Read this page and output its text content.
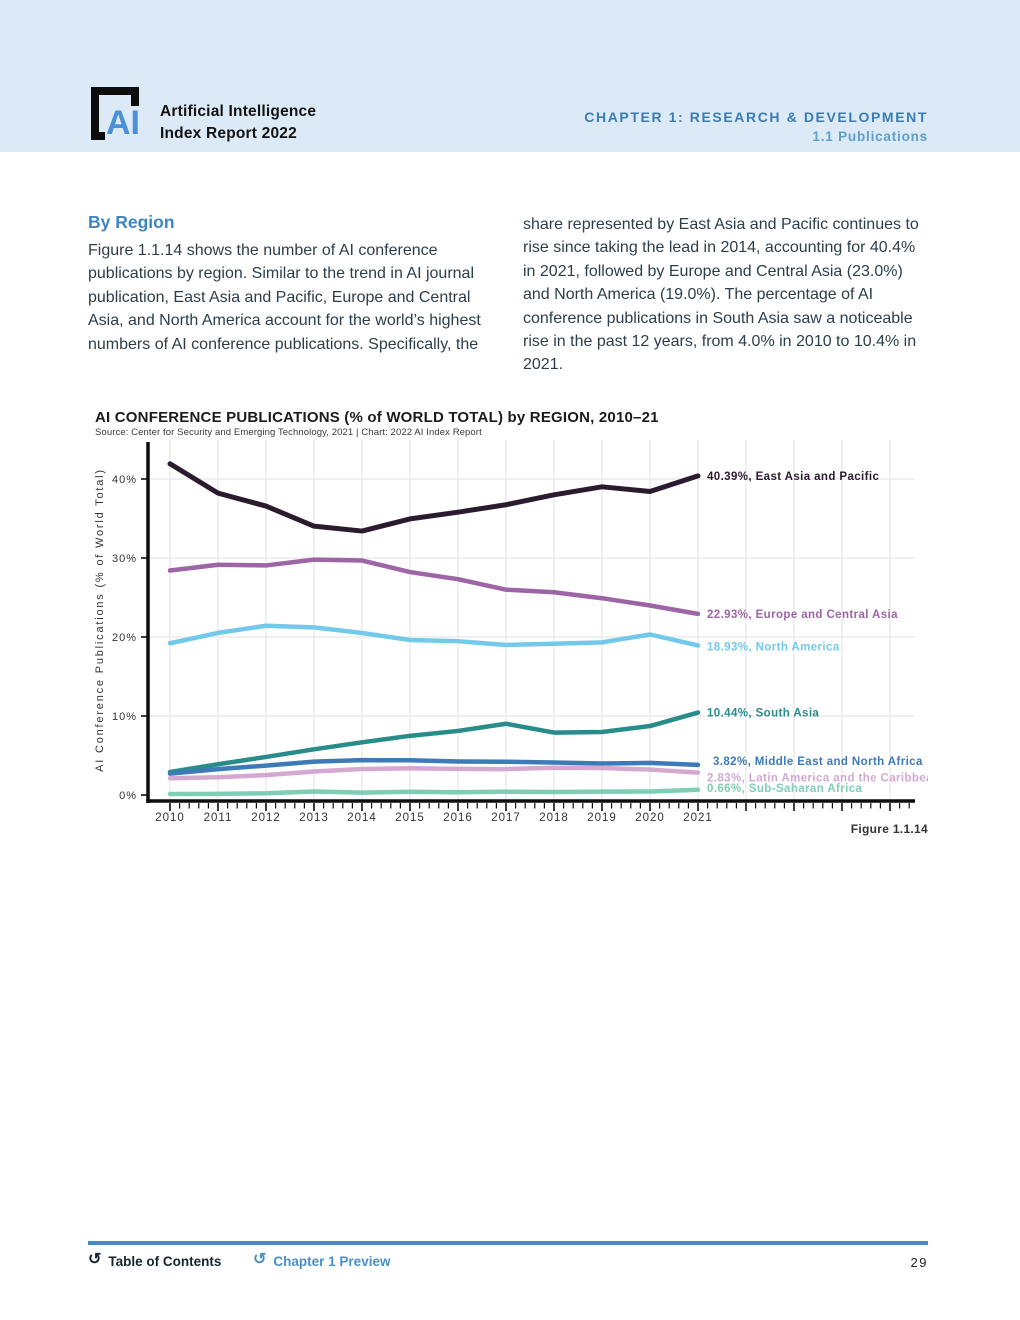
AI Artificial Intelligence
Index Report 2022
CHAPTER 1: RESEARCH & DEVELOPMENT
1.1 Publications
By Region
Figure 1.1.14 shows the number of AI conference publications by region. Similar to the trend in AI journal publication, East Asia and Pacific, Europe and Central Asia, and North America account for the world’s highest numbers of AI conference publications. Specifically, the
share represented by East Asia and Pacific continues to rise since taking the lead in 2014, accounting for 40.4% in 2021, followed by Europe and Central Asia (23.0%) and North America (19.0%). The percentage of AI conference publications in South Asia saw a noticeable rise in the past 12 years, from 4.0% in 2010 to 10.4% in 2021.
AI CONFERENCE PUBLICATIONS (% of WORLD TOTAL) by REGION, 2010–21
Source: Center for Security and Emerging Technology, 2021 | Chart: 2022 AI Index Report
0%
10%
20%
30%
40%
2010 2011 2012 2013 2014 2015 2016 2017 2018 2019 2020 2021
AI Conference Publications (% of World Total)	40.39%, East Asia and Pacific
22.93%, Europe and Central Asia
18.93%, North America
10.44%, South Asia
3.82%, Middle East and North Africa
2.83%, Latin America and the Caribbean
0.66%, Sub-Saharan Africa
Figure 1.1.14
↺ Table of Contents ↺ Chapter 1 Preview	29
